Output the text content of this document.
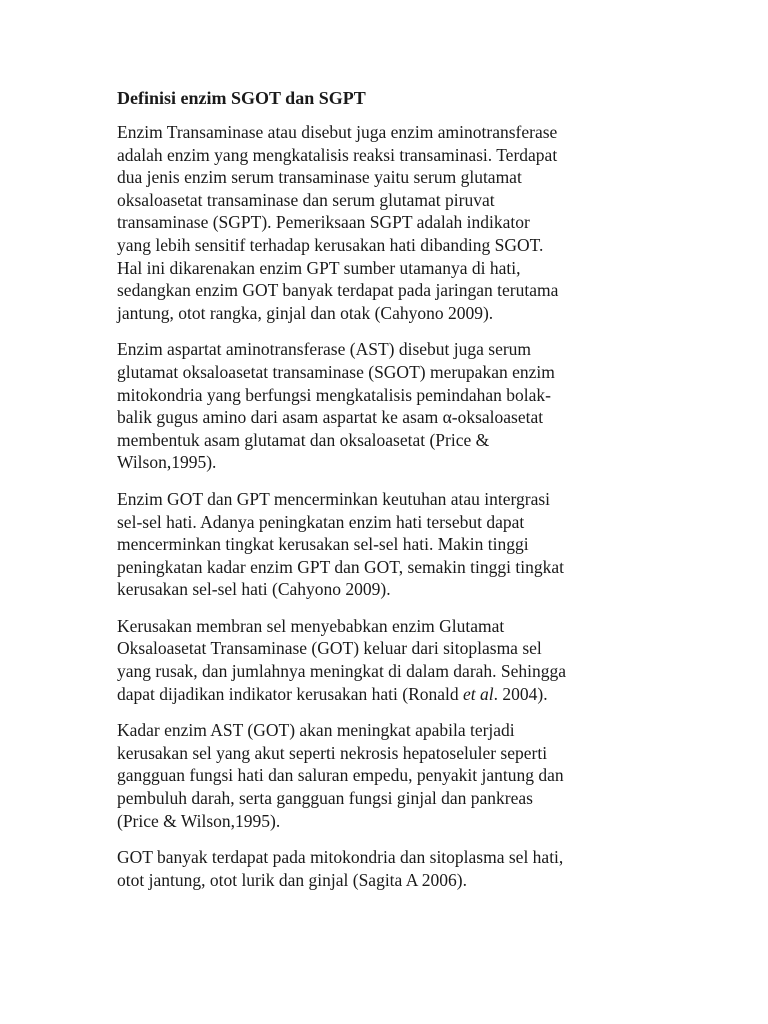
Definisi enzim SGOT dan SGPT
Enzim Transaminase atau disebut juga enzim aminotransferase
adalah enzim yang mengkatalisis reaksi transaminasi. Terdapat
dua jenis enzim serum transaminase yaitu serum glutamat
oksaloasetat transaminase dan serum glutamat piruvat
transaminase (SGPT). Pemeriksaan SGPT adalah indikator
yang lebih sensitif terhadap kerusakan hati dibanding SGOT.
Hal ini dikarenakan enzim GPT sumber utamanya di hati,
sedangkan enzim GOT banyak terdapat pada jaringan terutama
jantung, otot rangka, ginjal dan otak (Cahyono 2009).
Enzim aspartat aminotransferase (AST) disebut juga serum
glutamat oksaloasetat transaminase (SGOT) merupakan enzim
mitokondria yang berfungsi mengkatalisis pemindahan bolak-
balik gugus amino dari asam aspartat ke asam α-oksaloasetat
membentuk asam glutamat dan oksaloasetat (Price &
Wilson,1995).
Enzim GOT dan GPT mencerminkan keutuhan atau intergrasi
sel-sel hati. Adanya peningkatan enzim hati tersebut dapat
mencerminkan tingkat kerusakan sel-sel hati. Makin tinggi
peningkatan kadar enzim GPT dan GOT, semakin tinggi tingkat
kerusakan sel-sel hati (Cahyono 2009).
Kerusakan membran sel menyebabkan enzim Glutamat
Oksaloasetat Transaminase (GOT) keluar dari sitoplasma sel
yang rusak, dan jumlahnya meningkat di dalam darah. Sehingga
dapat dijadikan indikator kerusakan hati (Ronald et al. 2004).
Kadar enzim AST (GOT) akan meningkat apabila terjadi
kerusakan sel yang akut seperti nekrosis hepatoseluler seperti
gangguan fungsi hati dan saluran empedu, penyakit jantung dan
pembuluh darah, serta gangguan fungsi ginjal dan pankreas
(Price & Wilson,1995).
GOT banyak terdapat pada mitokondria dan sitoplasma sel hati,
otot jantung, otot lurik dan ginjal (Sagita A 2006).
